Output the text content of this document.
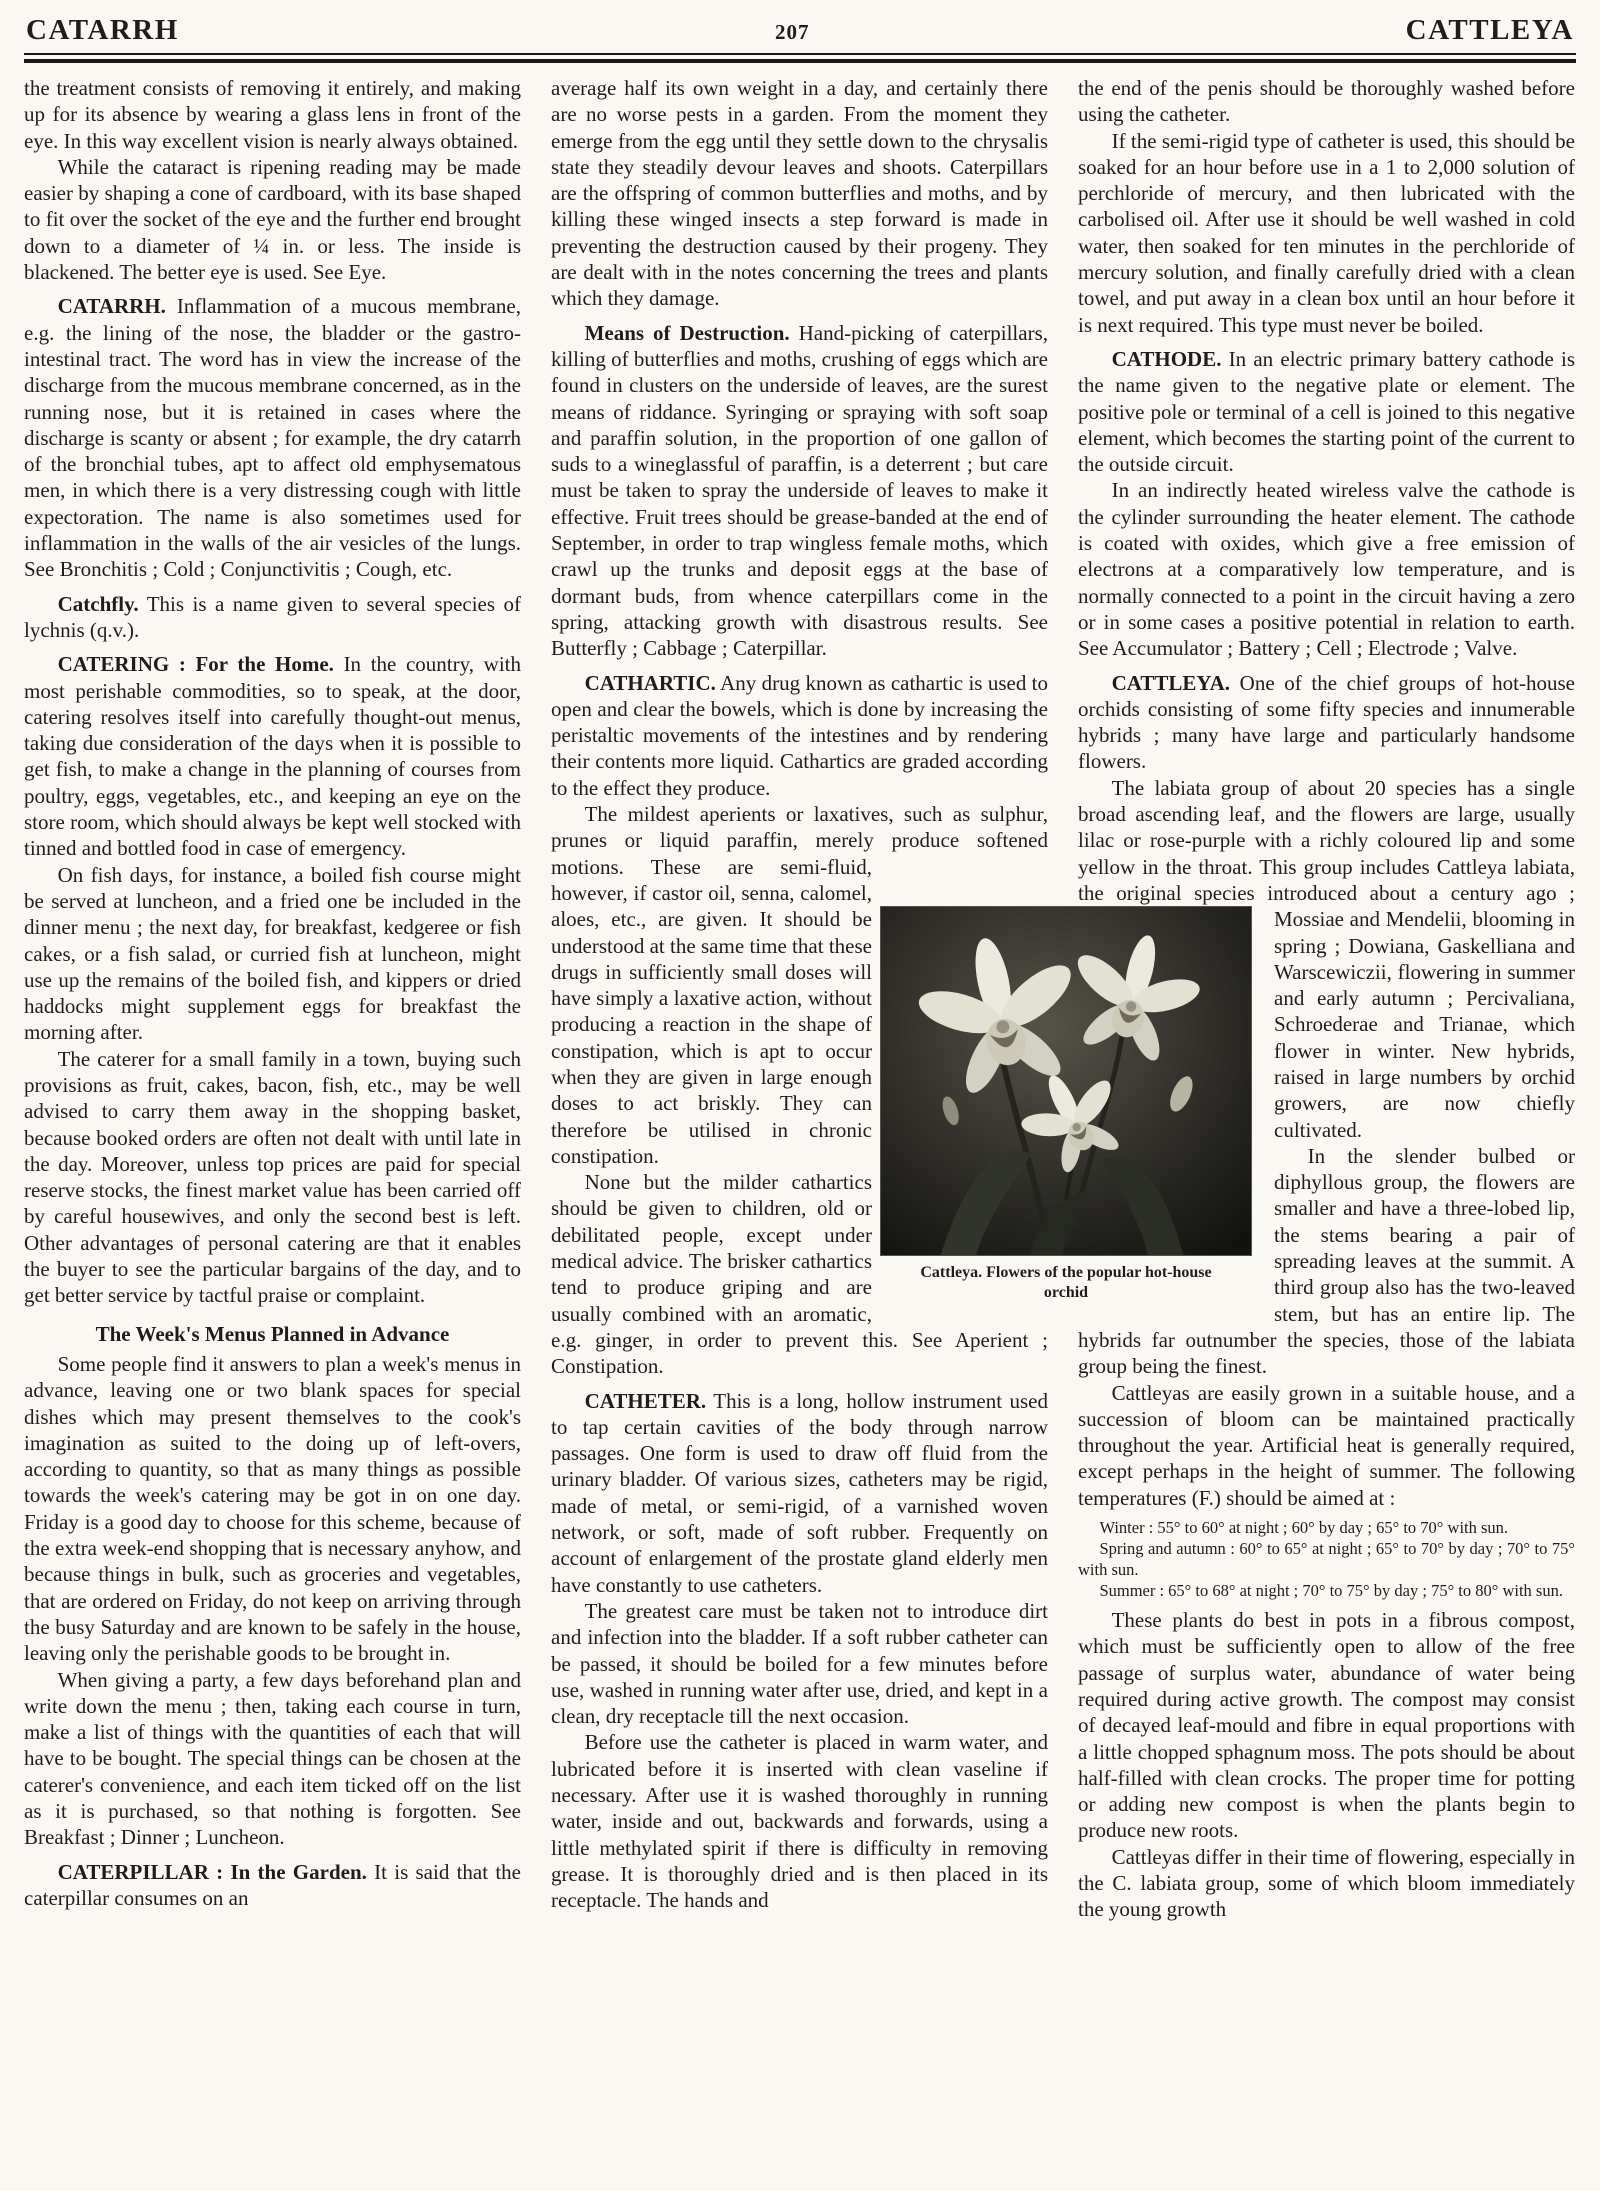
CATARRH	207	CATTLEYA

the treatment consists of removing it entirely, and making up for its absence by wearing a glass lens in front of the eye. In this way excellent vision is nearly always obtained.

While the cataract is ripening reading may be made easier by shaping a cone of cardboard, with its base shaped to fit over the socket of the eye and the further end brought down to a diameter of ¼ in. or less. The inside is blackened. The better eye is used. See Eye.

CATARRH. Inflammation of a mucous membrane, e.g. the lining of the nose, the bladder or the gastro-intestinal tract. The word has in view the increase of the discharge from the mucous membrane concerned, as in the running nose, but it is retained in cases where the discharge is scanty or absent ; for example, the dry catarrh of the bronchial tubes, apt to affect old emphysematous men, in which there is a very distressing cough with little expectoration. The name is also sometimes used for inflammation in the walls of the air vesicles of the lungs. See Bronchitis ; Cold ; Conjunctivitis ; Cough, etc.

Catchfly. This is a name given to several species of lychnis (q.v.).

CATERING : For the Home. In the country, with most perishable commodities, so to speak, at the door, catering resolves itself into carefully thought-out menus, taking due consideration of the days when it is possible to get fish, to make a change in the planning of courses from poultry, eggs, vegetables, etc., and keeping an eye on the store room, which should always be kept well stocked with tinned and bottled food in case of emergency.

On fish days, for instance, a boiled fish course might be served at luncheon, and a fried one be included in the dinner menu ; the next day, for breakfast, kedgeree or fish cakes, or a fish salad, or curried fish at luncheon, might use up the remains of the boiled fish, and kippers or dried haddocks might supplement eggs for breakfast the morning after.

The caterer for a small family in a town, buying such provisions as fruit, cakes, bacon, fish, etc., may be well advised to carry them away in the shopping basket, because booked orders are often not dealt with until late in the day. Moreover, unless top prices are paid for special reserve stocks, the finest market value has been carried off by careful housewives, and only the second best is left. Other advantages of personal catering are that it enables the buyer to see the particular bargains of the day, and to get better service by tactful praise or complaint.

The Week's Menus Planned in Advance

Some people find it answers to plan a week's menus in advance, leaving one or two blank spaces for special dishes which may present themselves to the cook's imagination as suited to the doing up of left-overs, according to quantity, so that as many things as possible towards the week's catering may be got in on one day. Friday is a good day to choose for this scheme, because of the extra week-end shopping that is necessary anyhow, and because things in bulk, such as groceries and vegetables, that are ordered on Friday, do not keep on arriving through the busy Saturday and are known to be safely in the house, leaving only the perishable goods to be brought in.

When giving a party, a few days beforehand plan and write down the menu ; then, taking each course in turn, make a list of things with the quantities of each that will have to be bought. The special things can be chosen at the caterer's convenience, and each item ticked off on the list as it is purchased, so that nothing is forgotten. See Breakfast ; Dinner ; Luncheon.

CATERPILLAR : In the Garden. It is said that the caterpillar consumes on an

average half its own weight in a day, and certainly there are no worse pests in a garden. From the moment they emerge from the egg until they settle down to the chrysalis state they steadily devour leaves and shoots. Caterpillars are the offspring of common butterflies and moths, and by killing these winged insects a step forward is made in preventing the destruction caused by their progeny. They are dealt with in the notes concerning the trees and plants which they damage.

Means of Destruction. Hand-picking of caterpillars, killing of butterflies and moths, crushing of eggs which are found in clusters on the underside of leaves, are the surest means of riddance. Syringing or spraying with soft soap and paraffin solution, in the proportion of one gallon of suds to a wineglassful of paraffin, is a deterrent ; but care must be taken to spray the underside of leaves to make it effective. Fruit trees should be grease-banded at the end of September, in order to trap wingless female moths, which crawl up the trunks and deposit eggs at the base of dormant buds, from whence caterpillars come in the spring, attacking growth with disastrous results. See Butterfly ; Cabbage ; Caterpillar.

CATHARTIC. Any drug known as cathartic is used to open and clear the bowels, which is done by increasing the peristaltic movements of the intestines and by rendering their contents more liquid. Cathartics are graded according to the effect they produce.

The mildest aperients or laxatives, such as sulphur, prunes or liquid paraffin, merely produce softened motions. These are semi-fluid, however, if castor oil, senna, calomel, aloes, etc., are given. It should be understood at the same time that these drugs in sufficiently small doses will have simply a laxative action, without producing a reaction in the shape of constipation, which is apt to occur when they are given in large enough doses to act briskly. They can therefore be utilised in chronic constipation.

None but the milder cathartics should be given to children, old or debilitated people, except under medical advice. The brisker cathartics tend to produce griping and are usually combined with an aromatic, e.g. ginger, in order to prevent this. See Aperient ; Constipation.

CATHETER. This is a long, hollow instrument used to tap certain cavities of the body through narrow passages. One form is used to draw off fluid from the urinary bladder. Of various sizes, catheters may be rigid, made of metal, or semi-rigid, of a varnished woven network, or soft, made of soft rubber. Frequently on account of enlargement of the prostate gland elderly men have constantly to use catheters.

The greatest care must be taken not to introduce dirt and infection into the bladder. If a soft rubber catheter can be passed, it should be boiled for a few minutes before use, washed in running water after use, dried, and kept in a clean, dry receptacle till the next occasion.

Before use the catheter is placed in warm water, and lubricated before it is inserted with clean vaseline if necessary. After use it is washed thoroughly in running water, inside and out, backwards and forwards, using a little methylated spirit if there is difficulty in removing grease. It is thoroughly dried and is then placed in its receptacle. The hands and

the end of the penis should be thoroughly washed before using the catheter.

If the semi-rigid type of catheter is used, this should be soaked for an hour before use in a 1 to 2,000 solution of perchloride of mercury, and then lubricated with the carbolised oil. After use it should be well washed in cold water, then soaked for ten minutes in the perchloride of mercury solution, and finally carefully dried with a clean towel, and put away in a clean box until an hour before it is next required. This type must never be boiled.

CATHODE. In an electric primary battery cathode is the name given to the negative plate or element. The positive pole or terminal of a cell is joined to this negative element, which becomes the starting point of the current to the outside circuit.

In an indirectly heated wireless valve the cathode is the cylinder surrounding the heater element. The cathode is coated with oxides, which give a free emission of electrons at a comparatively low temperature, and is normally connected to a point in the circuit having a zero or in some cases a positive potential in relation to earth. See Accumulator ; Battery ; Cell ; Electrode ; Valve.

CATTLEYA. One of the chief groups of hot-house orchids consisting of some fifty species and innumerable hybrids ; many have large and particularly handsome flowers.

The labiata group of about 20 species has a single broad ascending leaf, and the flowers are large, usually lilac or rose-purple with a richly coloured lip and some yellow in the throat. This group includes Cattleya labiata, the original species introduced about a century ago ; Mossiae and Mendelii, blooming in spring ; Dowiana, Gaskelliana and Warscewiczii, flowering in summer and early autumn ; Percivaliana, Schroederae and Trianae, which flower in winter. New hybrids, raised in large numbers by orchid growers, are now chiefly cultivated.

In the slender bulbed or diphyllous group, the flowers are smaller and have a three-lobed lip, the stems bearing a pair of spreading leaves at the summit. A third group also has the two-leaved stem, but has an entire lip. The hybrids far outnumber the species, those of the labiata group being the finest.

Cattleyas are easily grown in a suitable house, and a succession of bloom can be maintained practically throughout the year. Artificial heat is generally required, except perhaps in the height of summer. The following temperatures (F.) should be aimed at :

Winter : 55° to 60° at night ; 60° by day ; 65° to 70° with sun.

Spring and autumn : 60° to 65° at night ; 65° to 70° by day ; 70° to 75° with sun.

Summer : 65° to 68° at night ; 70° to 75° by day ; 75° to 80° with sun.

These plants do best in pots in a fibrous compost, which must be sufficiently open to allow of the free passage of surplus water, abundance of water being required during active growth. The compost may consist of decayed leaf-mould and fibre in equal proportions with a little chopped sphagnum moss. The pots should be about half-filled with clean crocks. The proper time for potting or adding new compost is when the plants begin to produce new roots.

Cattleyas differ in their time of flowering, especially in the C. labiata group, some of which bloom immediately the young growth

Cattleya. Flowers of the popular hot-house orchid
